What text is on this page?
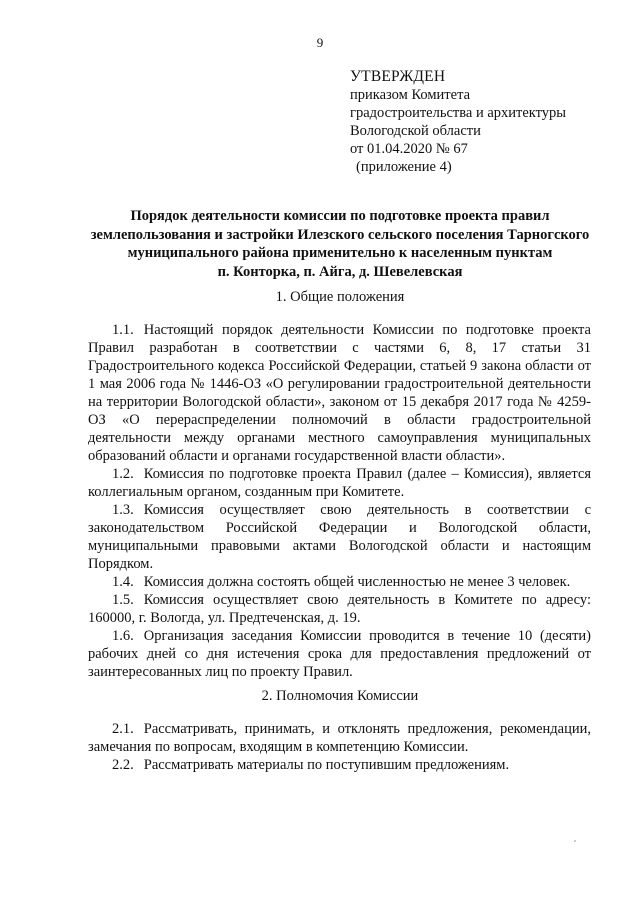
9
УТВЕРЖДЕН
приказом Комитета
градостроительства и архитектуры
Вологодской области
от 01.04.2020 № 67
(приложение 4)
Порядок деятельности комиссии по подготовке проекта правил
землепользования и застройки Илезского сельского поселения Тарногского
муниципального района применительно к населенным пунктам
п. Конторка, п. Айга, д. Шевелевская
1. Общие положения

1.1. Настоящий порядок деятельности Комиссии по подготовке проекта Правил разработан в соответствии с частями 6, 8, 17 статьи 31 Градостроительного кодекса Российской Федерации, статьей 9 закона области от 1 мая 2006 года № 1446-ОЗ «О регулировании градостроительной деятельности на территории Вологодской области», законом от 15 декабря 2017 года № 4259-ОЗ «О перераспределении полномочий в области градостроительной деятельности между органами местного самоуправления муниципальных образований области и органами государственной власти области».

1.2. Комиссия по подготовке проекта Правил (далее – Комиссия), является коллегиальным органом, созданным при Комитете.

1.3. Комиссия осуществляет свою деятельность в соответствии с законодательством Российской Федерации и Вологодской области, муниципальными правовыми актами Вологодской области и настоящим Порядком.

1.4. Комиссия должна состоять общей численностью не менее 3 человек.

1.5. Комиссия осуществляет свою деятельность в Комитете по адресу: 160000, г. Вологда, ул. Предтеченская, д. 19.

1.6. Организация заседания Комиссии проводится в течение 10 (десяти) рабочих дней со дня истечения срока для предоставления предложений от заинтересованных лиц по проекту Правил.

2. Полномочия Комиссии

2.1. Рассматривать, принимать, и отклонять предложения, рекомендации, замечания по вопросам, входящим в компетенцию Комиссии.

2.2. Рассматривать материалы по поступившим предложениям.
